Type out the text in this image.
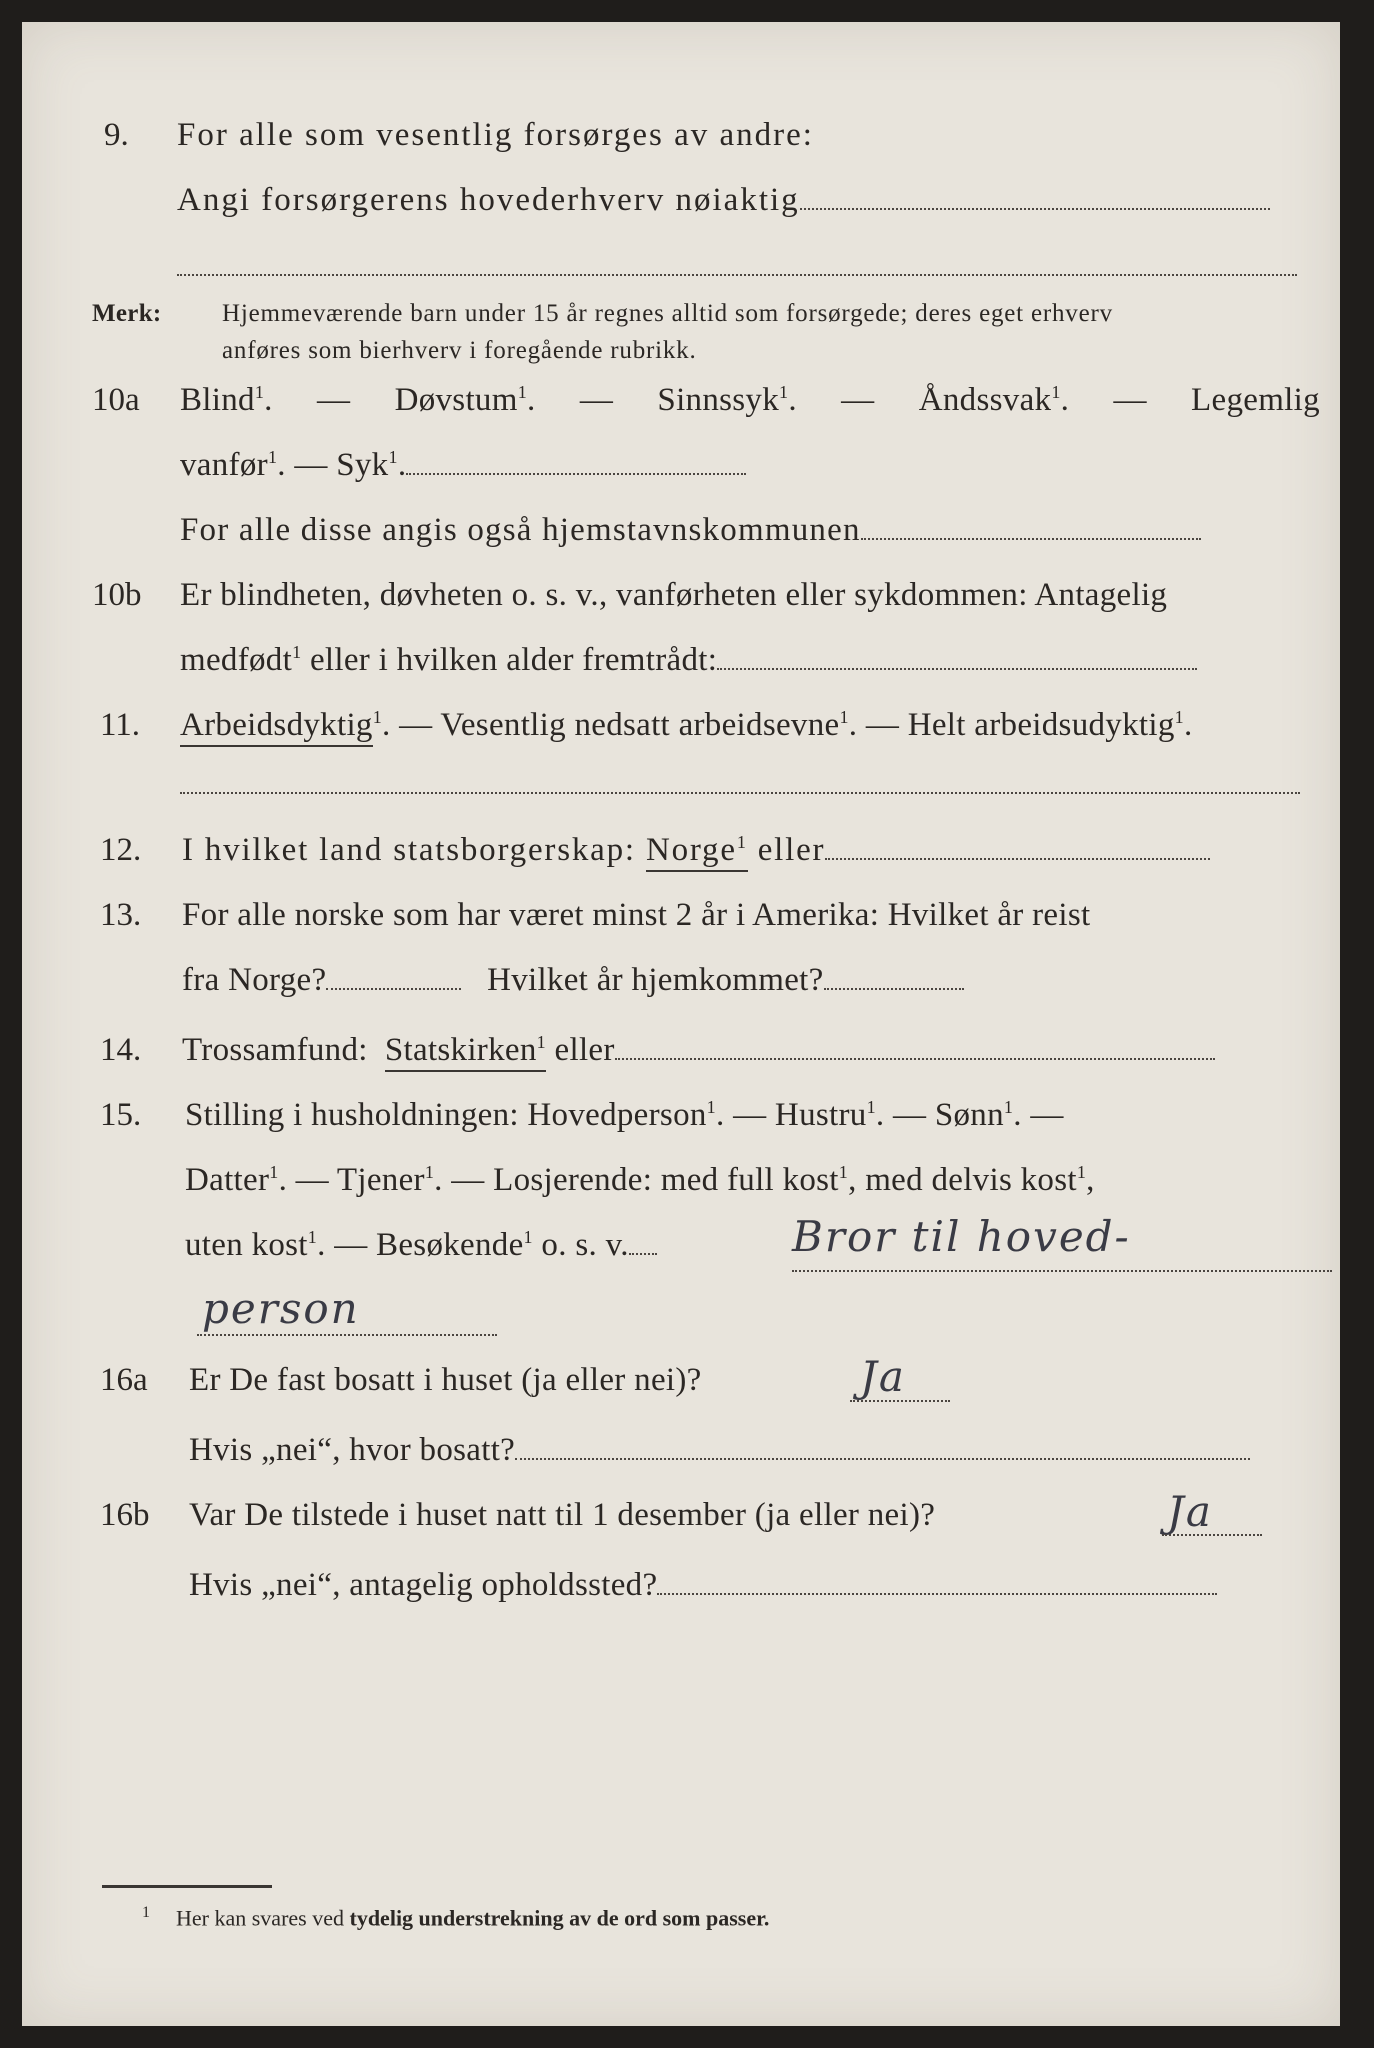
9. For alle som vesentlig forsørges av andre:
Angi forsørgerens hovederhverv nøiaktig
Merk: Hjemmeværende barn under 15 år regnes alltid som forsørgede; deres eget erhverv
anføres som bierhverv i foregående rubrikk.
10a Blind$^1$. — Døvstum$^1$. — Sinnssyk$^1$. — Åndssvak$^1$. — Legemlig
vanfør$^1$. — Syk$^1$.
For alle disse angis også hjemstavnskommunen
10b Er blindheten, døvheten o. s. v., vanførheten eller sykdommen: Antagelig
medfødt$^1$ eller i hvilken alder fremtrådt:
11. Arbeidsdyktig$^1$. — Vesentlig nedsatt arbeidsevne$^1$. — Helt arbeidsudyktig$^1$.
12. I hvilket land statsborgerskap: Norge$^1$ eller
13. For alle norske som har været minst 2 år i Amerika: Hvilket år reist
fra Norge?	Hvilket år hjemkommet?
14. Trossamfund: Statskirken$^1$ eller
15. Stilling i husholdningen: Hovedperson$^1$. — Hustru$^1$. — Sønn$^1$. —
Datter$^1$. — Tjener$^1$. — Losjerende: med full kost$^1$, med delvis kost$^1$,
uten kost$^1$. — Besøkende$^1$ o. s. v.	Bror til hoved-
person
16a Er De fast bosatt i huset (ja eller nei)?	Ja
Hvis „nei“, hvor bosatt?
16b Var De tilstede i huset natt til 1 desember (ja eller nei)?	Ja
Hvis „nei“, antagelig opholdssted?
$^1$ Her kan svares ved tydelig understrekning av de ord som passer.
